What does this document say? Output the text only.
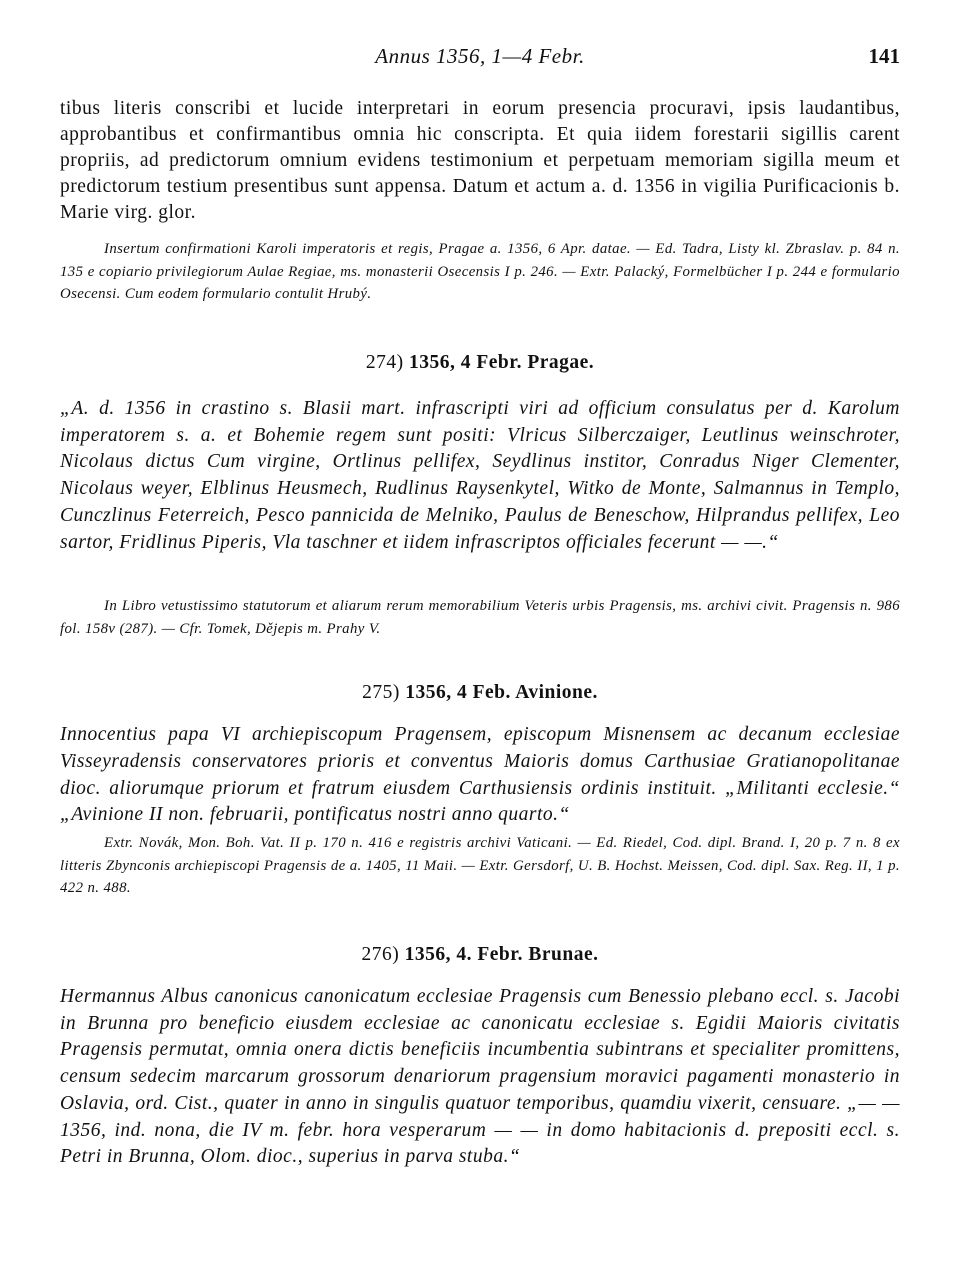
Annus 1356, 1—4 Febr.	141
tibus literis conscribi et lucide interpretari in eorum presencia procuravi, ipsis laudantibus, approbantibus et confirmantibus omnia hic conscripta. Et quia iidem forestarii sigillis carent propriis, ad predictorum omnium evidens testimonium et perpetuam memoriam sigilla meum et predictorum testium presentibus sunt appensa. Datum et actum a. d. 1356 in vigilia Purificacionis b. Marie virg. glor.
Insertum confirmationi Karoli imperatoris et regis, Pragae a. 1356, 6 Apr. datae. — Ed. Tadra, Listy kl. Zbraslav. p. 84 n. 135 e copiario privilegiorum Aulae Regiae, ms. monasterii Osecensis I p. 246. — Extr. Palacký, Formelbücher I p. 244 e formulario Osecensi. Cum eodem formulario contulit Hrubý.
274) 1356, 4 Febr. Pragae.
„A. d. 1356 in crastino s. Blasii mart. infrascripti viri ad officium consulatus per d. Karolum imperatorem s. a. et Bohemie regem sunt positi: Vlricus Silberczaiger, Leutlinus weinschroter, Nicolaus dictus Cum virgine, Ortlinus pellifex, Seydlinus institor, Conradus Niger Clementer, Nicolaus weyer, Elblinus Heusmech, Rudlinus Raysenkytel, Witko de Monte, Salmannus in Templo, Cunczlinus Feterreich, Pesco pannicida de Melniko, Paulus de Beneschow, Hilprandus pellifex, Leo sartor, Fridlinus Piperis, Vla taschner et iidem infrascriptos officiales fecerunt — —.“
In Libro vetustissimo statutorum et aliarum rerum memorabilium Veteris urbis Pragensis, ms. archivi civit. Pragensis n. 986 fol. 158v (287). — Cfr. Tomek, Dějepis m. Prahy V.
275) 1356, 4 Feb. Avinione.
Innocentius papa VI archiepiscopum Pragensem, episcopum Misnensem ac decanum ecclesiae Visseyradensis conservatores prioris et conventus Maioris domus Carthusiae Gratianopolitanae dioc. aliorumque priorum et fratrum eiusdem Carthusiensis ordinis instituit. „Militanti ecclesie.“ „Avinione II non. februarii, pontificatus nostri anno quarto.“
Extr. Novák, Mon. Boh. Vat. II p. 170 n. 416 e registris archivi Vaticani. — Ed. Riedel, Cod. dipl. Brand. I, 20 p. 7 n. 8 ex litteris Zbynconis archiepiscopi Pragensis de a. 1405, 11 Maii. — Extr. Gersdorf, U. B. Hochst. Meissen, Cod. dipl. Sax. Reg. II, 1 p. 422 n. 488.
276) 1356, 4. Febr. Brunae.
Hermannus Albus canonicus canonicatum ecclesiae Pragensis cum Benessio plebano eccl. s. Jacobi in Brunna pro beneficio eiusdem ecclesiae ac canonicatu ecclesiae s. Egidii Maioris civitatis Pragensis permutat, omnia onera dictis beneficiis incumbentia subintrans et specialiter promittens, censum sedecim marcarum grossorum denariorum pragensium moravici pagamenti monasterio in Oslavia, ord. Cist., quater in anno in singulis quatuor temporibus, quamdiu vixerit, censuare. „— — 1356, ind. nona, die IV m. febr. hora vesperarum — — in domo habitacionis d. prepositi eccl. s. Petri in Brunna, Olom. dioc., superius in parva stuba.“
